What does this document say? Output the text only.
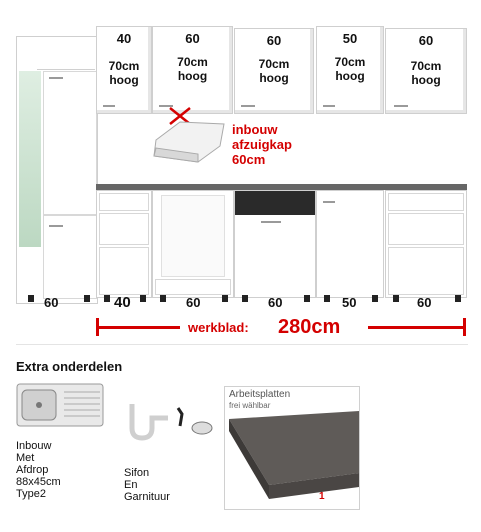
40
70cm
hoog
60
70cm
hoog
60
70cm
hoog
50
70cm
hoog
60
70cm
hoog
inbouw
afzuigkap
60cm
60	40	60	60	50	60
werkblad: 280cm
Extra onderdelen
Inbouw
Met
Afdrop
88x45cm
Type2
Sifon
En
Garnituur
Arbeitsplatten
frei wählbar
1
